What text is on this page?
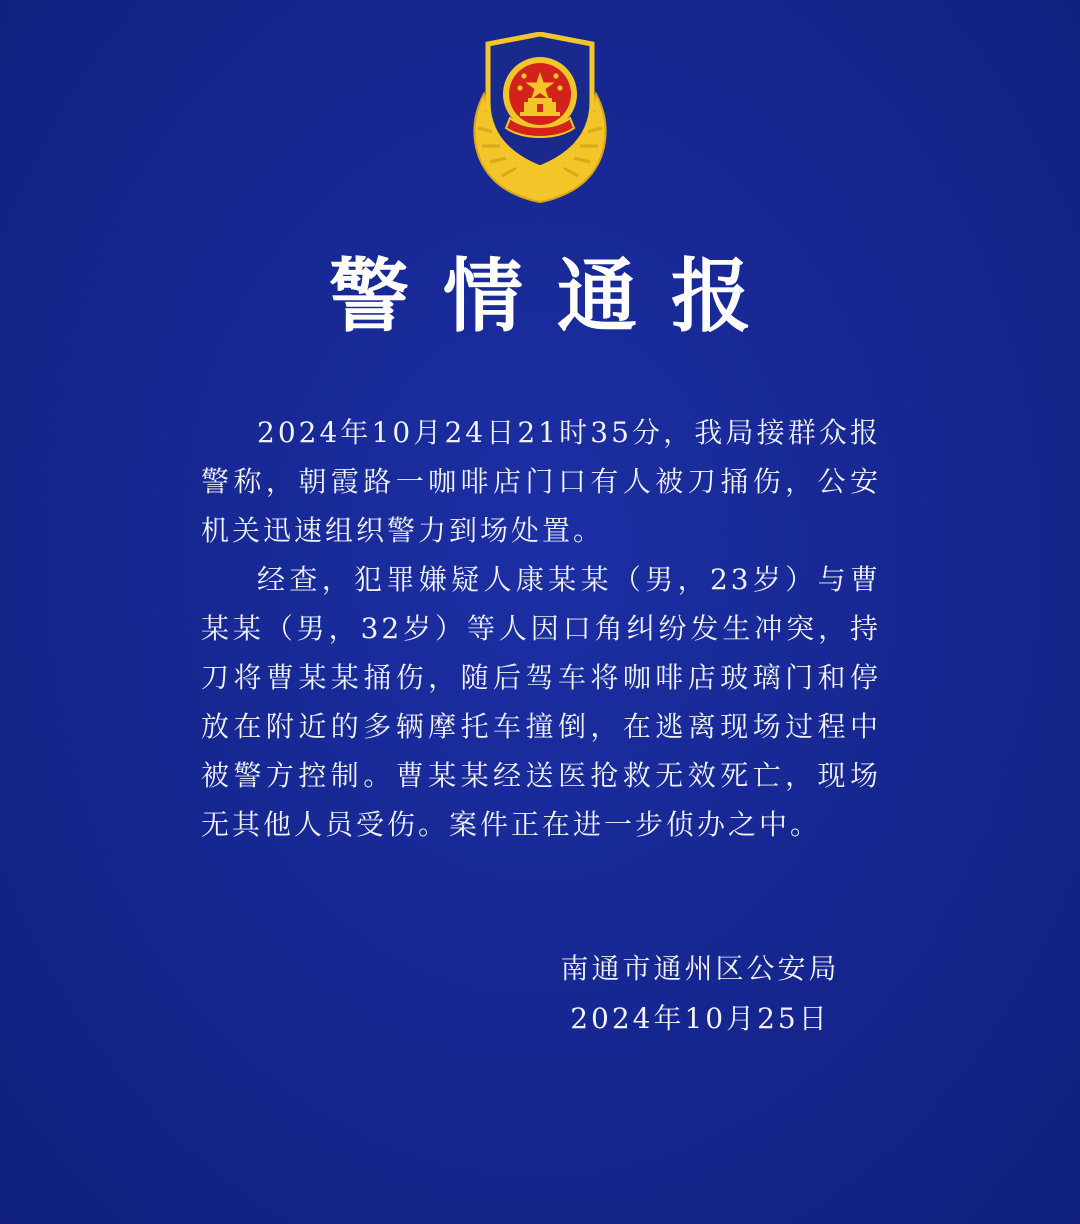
警情通报

2024年10月24日21时35分，我局接群众报警称，朝霞路一咖啡店门口有人被刀捅伤，公安机关迅速组织警力到场处置。

经查，犯罪嫌疑人康某某（男，23岁）与曹某某（男，32岁）等人因口角纠纷发生冲突，持刀将曹某某捅伤，随后驾车将咖啡店玻璃门和停放在附近的多辆摩托车撞倒，在逃离现场过程中被警方控制。曹某某经送医抢救无效死亡，现场无其他人员受伤。案件正在进一步侦办之中。

南通市通州区公安局
2024年10月25日
